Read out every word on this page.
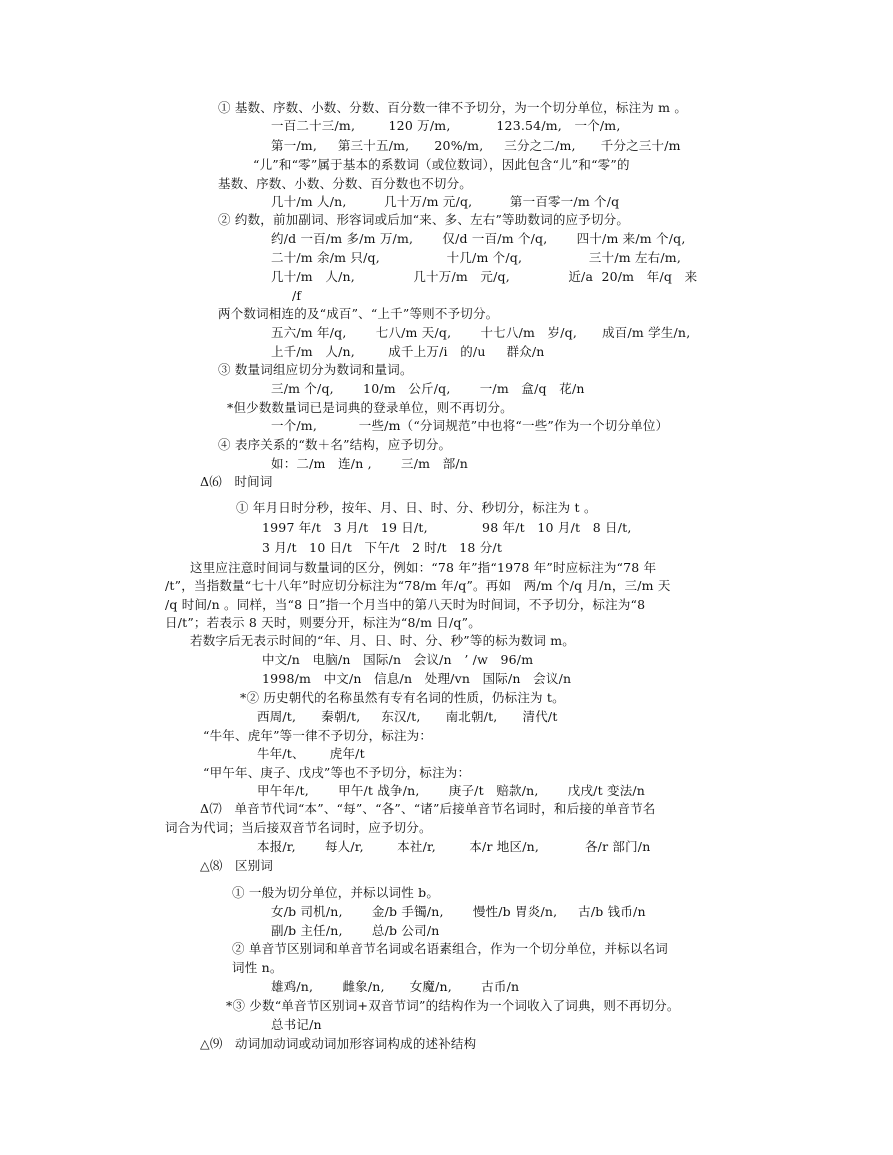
① 基数、序数、小数、分数、百分数一律不予切分，为一个切分单位，标注为 m 。
一百二十三/m,        120 万/m,           123.54/m,   一个/m,
第一/m,     第三十五/m,      20%/m,     三分之二/m,      千分之三十/m
“儿”和“零”属于基本的系数词（或位数词），因此包含“儿”和“零”的
基数、序数、小数、分数、百分数也不切分。
几十/m 人/n,         几十万/m 元/q,         第一百零一/m 个/q
② 约数，前加副词、形容词或后加“来、多、左右”等助数词的应予切分。
约/d 一百/m 多/m 万/m,       仅/d 一百/m 个/q,       四十/m 来/m 个/q,
二十/m 余/m 只/q,                十几/m 个/q,                三十/m 左右/m,
几十/m   人/n,              几十万/m   元/q,              近/a  20/m   年/q   来
/f
两个数词相连的及“成百”、“上千”等则不予切分。
五六/m 年/q,       七八/m 天/q,       十七八/m   岁/q,      成百/m 学生/n,
上千/m   人/n,        成千上万/i   的/u     群众/n
③ 数量词组应切分为数词和量词。
三/m 个/q,       10/m   公斤/q,       一/m   盒/q   花/n
*但少数数量词已是词典的登录单位，则不再切分。
一个/m,          一些/m（“分词规范”中也将“一些”作为一个切分单位）
④ 表序关系的“数＋名”结构，应予切分。
如：二/m   连/n ,       三/m   部/n
Δ⑹   时间词
① 年月日时分秒，按年、月、日、时、分、秒切分，标注为 t 。
1997 年/t   3 月/t   19 日/t,             98 年/t   10 月/t   8 日/t,
3 月/t   10 日/t   下午/t   2 时/t   18 分/t
这里应注意时间词与数量词的区分，例如：“78 年”指“1978 年”时应标注为“78 年
/t”，当指数量“七十八年”时应切分标注为“78/m 年/q”。再如   两/m 个/q 月/n，三/m 天
/q 时间/n 。同样，当“8 日”指一个月当中的第八天时为时间词，不予切分，标注为“8
日/t”；若表示 8 天时，则要分开，标注为“8/m 日/q”。
若数字后无表示时间的“年、月、日、时、分、秒”等的标为数词 m。
中文/n   电脑/n   国际/n   会议/n   ’ /w   96/m
1998/m   中文/n   信息/n   处理/vn   国际/n   会议/n
*② 历史朝代的名称虽然有专有名词的性质，仍标注为 t。
西周/t,      秦朝/t,     东汉/t,      南北朝/t,      清代/t
“牛年、虎年”等一律不予切分，标注为：
牛年/t、      虎年/t
“甲午年、庚子、戊戌”等也不予切分，标注为：
甲午年/t,       甲午/t 战争/n,       庚子/t   赔款/n,       戊戌/t 变法/n
Δ⑺   单音节代词“本”、“每”、“各”、“诸”后接单音节名词时，和后接的单音节名
词合为代词；当后接双音节名词时，应予切分。
本报/r,       每人/r,        本社/r,        本/r 地区/n,           各/r 部门/n
△⑻   区别词
① 一般为切分单位，并标以词性 b。
女/b 司机/n,       金/b 手镯/n,       慢性/b 胃炎/n,     古/b 钱币/n
副/b 主任/n,       总/b 公司/n
② 单音节区别词和单音节名词或名语素组合，作为一个切分单位，并标以名词
词性 n。
雄鸡/n,       雌象/n,      女魔/n,       古币/n
*③ 少数“单音节区别词+双音节词”的结构作为一个词收入了词典，则不再切分。
总书记/n
△⑼   动词加动词或动词加形容词构成的述补结构
